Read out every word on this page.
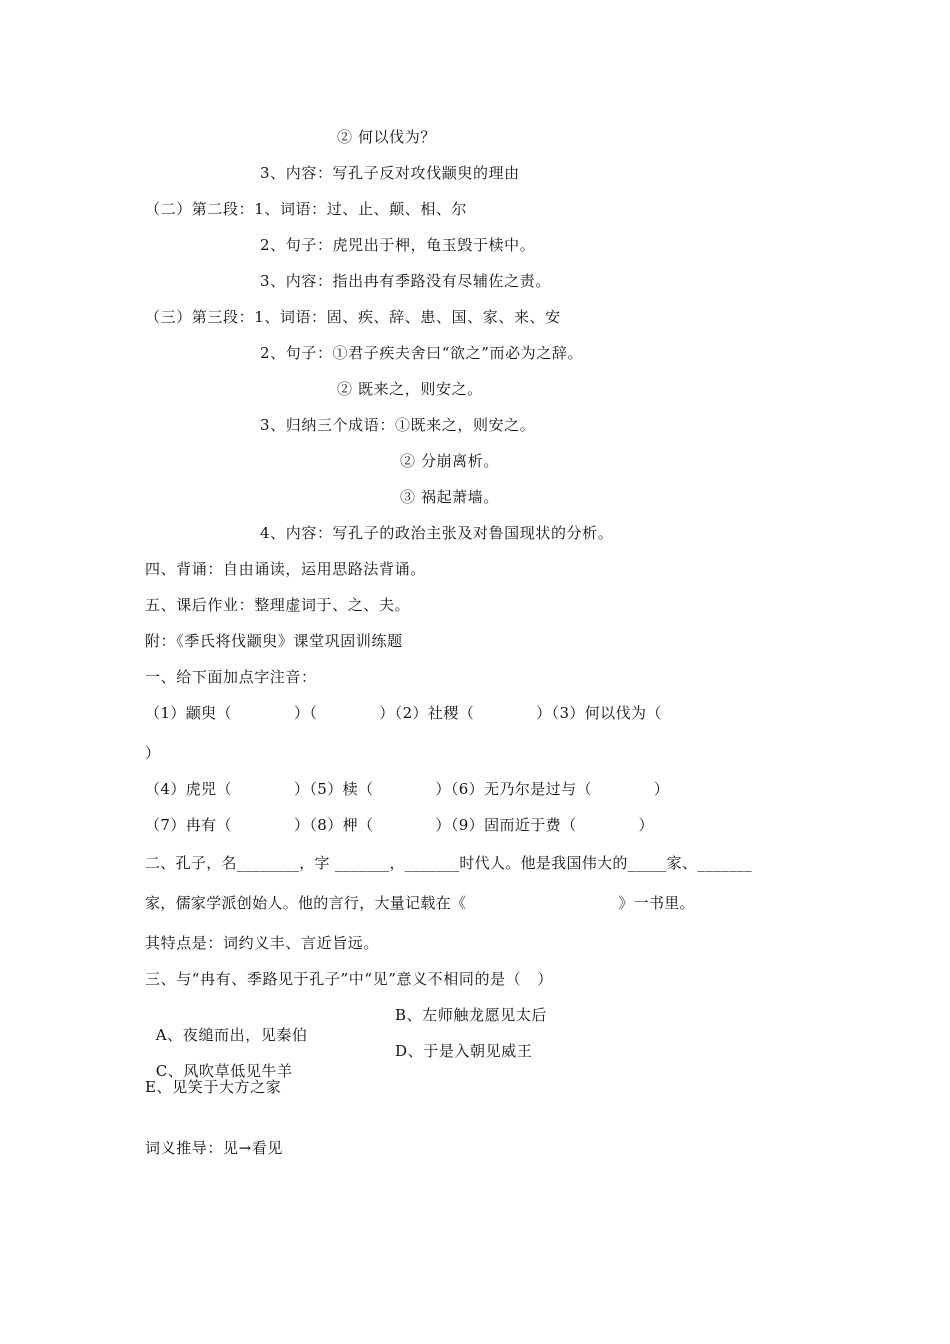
② 何以伐为？
3、内容：写孔子反对攻伐颛臾的理由
（二）第二段：1、词语：过、止、颠、相、尔
2、句子：虎兕出于柙，龟玉毁于椟中。
3、内容：指出冉有季路没有尽辅佐之责。
（三）第三段：1、词语：固、疾、辞、患、国、家、来、安
2、句子：①君子疾夫舍曰“欲之”而必为之辞。
② 既来之，则安之。
3、归纳三个成语：①既来之，则安之。
② 分崩离析。
③ 祸起萧墙。
4、内容：写孔子的政治主张及对鲁国现状的分析。
四、背诵：自由诵读，运用思路法背诵。
五、课后作业：整理虚词于、之、夫。
附：《季氏将伐颛臾》课堂巩固训练题
一、给下面加点字注音：
（1）颛臾（            ）（            ）（2）社稷（            ）（3）何以伐为（
）
（4）虎兕（            ）（5）椟（            ）（6）无乃尔是过与（            ）
（7）冉有（            ）（8）柙（            ）（9）固而近于费（            ）
二、孔子，名________，字 _______，_______时代人。他是我国伟大的_____家、_______
家，儒家学派创始人。他的言行，大量记载在《                              》一书里。
其特点是：词约义丰、言近旨远。
三、与“冉有、季路见于孔子”中“见”意义不相同的是（   ）

A、夜缒而出，见秦伯

B、左师触龙愿见太后

C、风吹草低见牛羊

D、于是入朝见威王

E、见笑于大方之家
词义推导：见→看见
